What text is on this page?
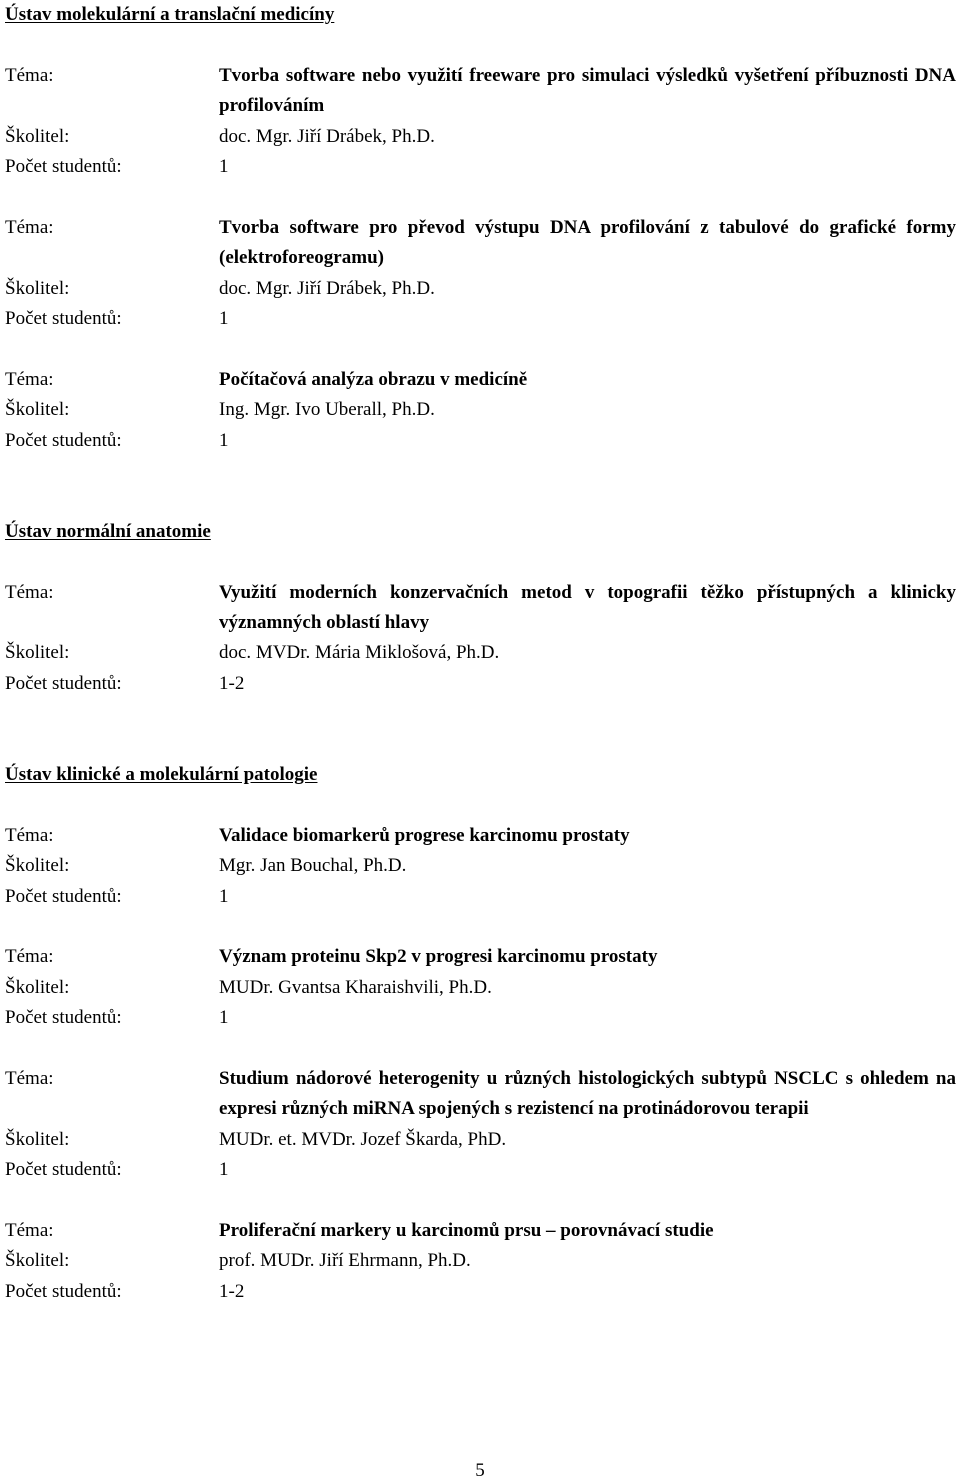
Ústav molekulární a translační medicíny
Téma:	Tvorba software nebo využití freeware pro simulaci výsledků vyšetření příbuznosti DNA profilováním
Školitel:	doc. Mgr. Jiří Drábek, Ph.D.
Počet studentů:	1
Téma:	Tvorba software pro převod výstupu DNA profilování z tabulové do grafické formy (elektroforeogramu)
Školitel:	doc. Mgr. Jiří Drábek, Ph.D.
Počet studentů:	1
Téma:	Počítačová analýza obrazu v medicíně
Školitel:	Ing. Mgr. Ivo Uberall, Ph.D.
Počet studentů:	1
Ústav normální anatomie
Téma:	Využití moderních konzervačních metod v topografii těžko přístupných a klinicky významných oblastí hlavy
Školitel:	doc. MVDr. Mária Miklošová, Ph.D.
Počet studentů:	1-2
Ústav klinické a molekulární patologie
Téma:	Validace biomarkerů progrese karcinomu prostaty
Školitel:	Mgr. Jan Bouchal, Ph.D.
Počet studentů:	1
Téma:	Význam proteinu Skp2 v progresi karcinomu prostaty
Školitel:	MUDr. Gvantsa Kharaishvili, Ph.D.
Počet studentů:	1
Téma:	Studium nádorové heterogenity u různých histologických subtypů NSCLC s ohledem na expresi různých miRNA spojených s rezistencí na protinádorovou terapii
Školitel:	MUDr. et. MVDr. Jozef Škarda, PhD.
Počet studentů:	1
Téma:	Proliferační markery u karcinomů prsu – porovnávací studie
Školitel:	prof. MUDr. Jiří Ehrmann, Ph.D.
Počet studentů:	1-2
5
